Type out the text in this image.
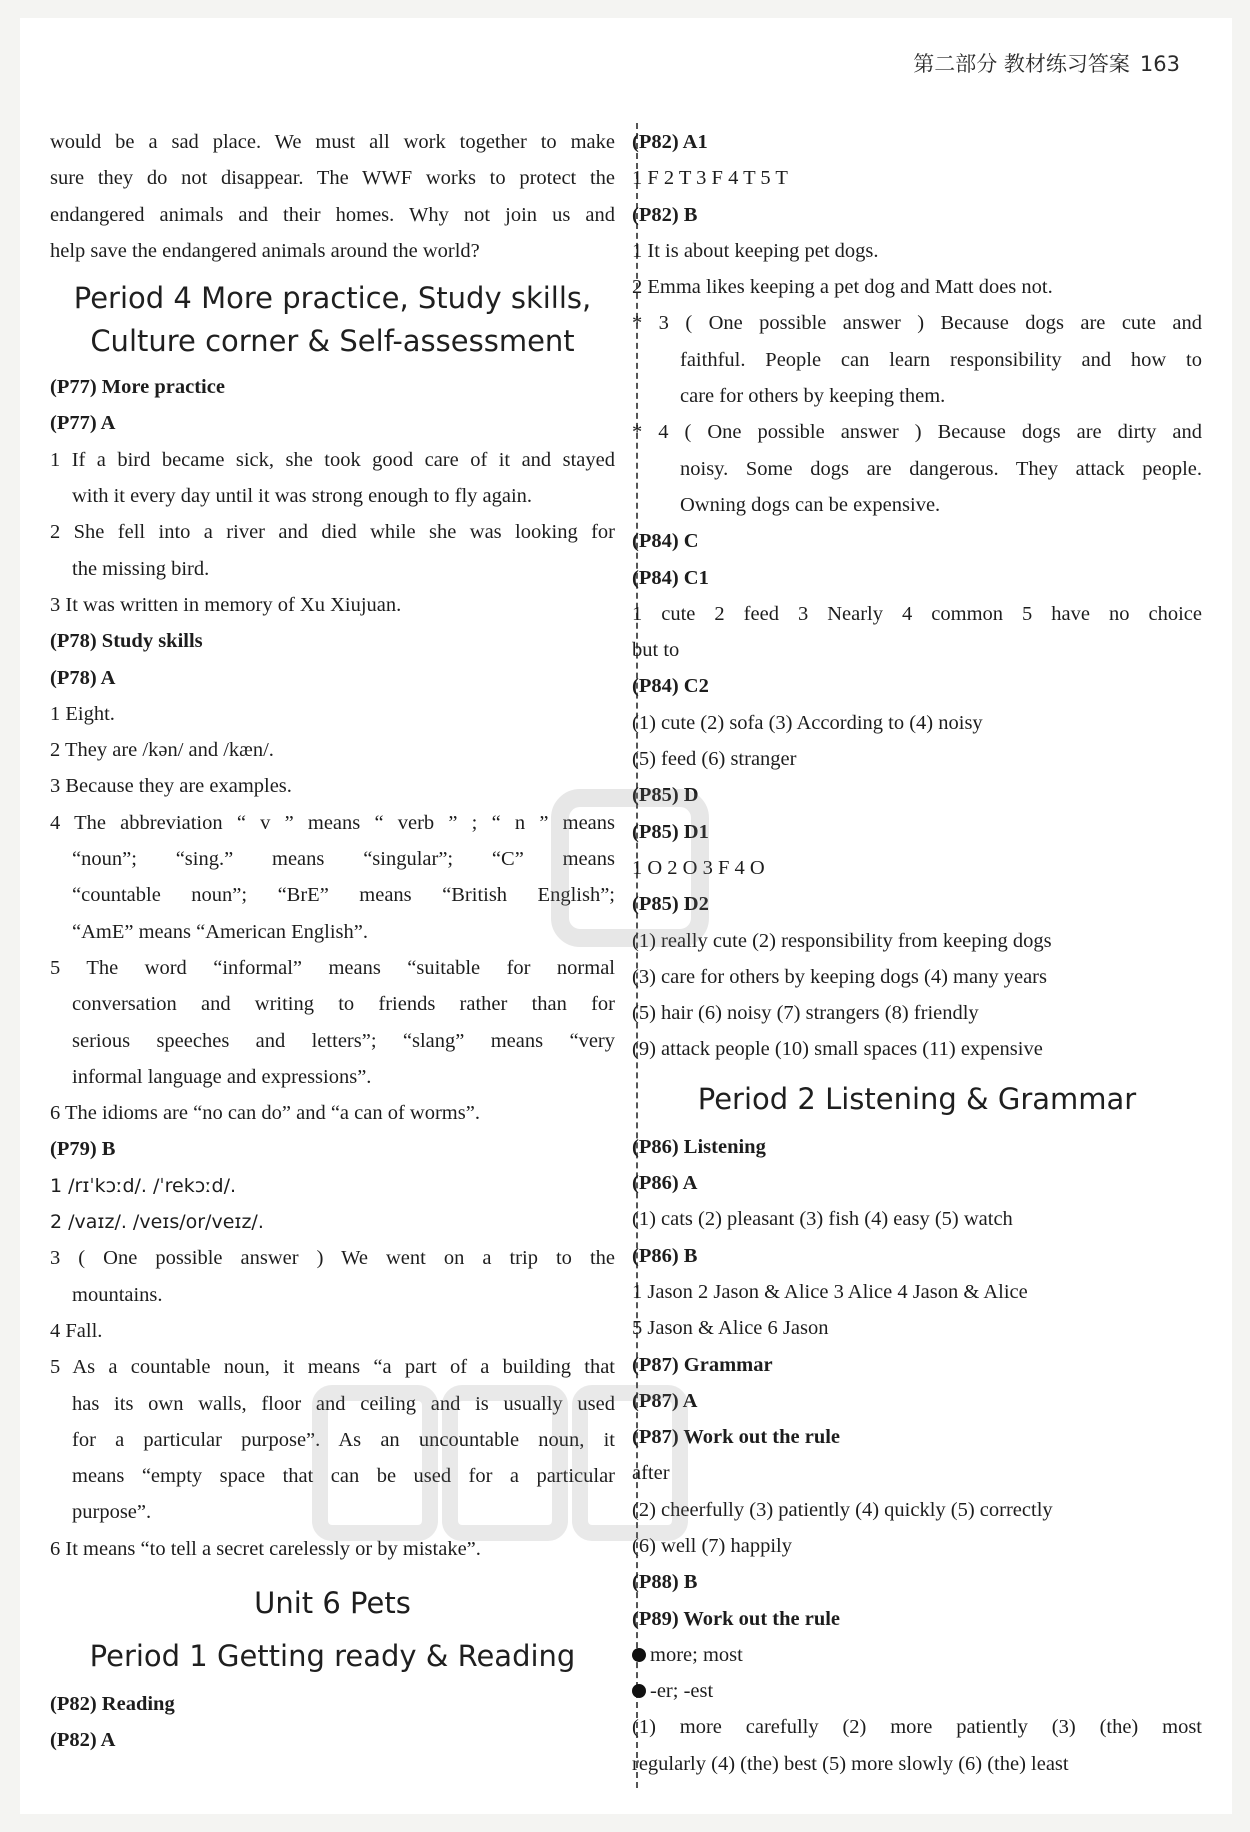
第二部分 教材练习答案 163

would be a sad place. We must all work together to make

sure they do not disappear. The WWF works to protect the

endangered animals and their homes. Why not join us and

help save the endangered animals around the world?

Period 4 More practice, Study skills,
Culture corner & Self-assessment

(P77) More practice

(P77) A

1 If a bird became sick, she took good care of it and stayed

with it every day until it was strong enough to fly again.

2 She fell into a river and died while she was looking for

the missing bird.

3 It was written in memory of Xu Xiujuan.

(P78) Study skills

(P78) A

1 Eight.

2 They are /kən/ and /kæn/.

3 Because they are examples.

4 The abbreviation “ v ” means “ verb ” ; “ n ” means

“noun”; “sing.” means “singular”; “C” means

“countable noun”; “BrE” means “British English”;

“AmE” means “American English”.

5 The word “informal” means “suitable for normal

conversation and writing to friends rather than for

serious speeches and letters”; “slang” means “very

informal language and expressions”.

6 The idioms are “no can do” and “a can of worms”.

(P79) B

1 /rɪˈkɔːd/. /ˈrekɔːd/.

2 /vaɪz/. /veɪs/or/veɪz/.

3 ( One possible answer ) We went on a trip to the

mountains.

4 Fall.

5 As a countable noun, it means “a part of a building that

has its own walls, floor and ceiling and is usually used

for a particular purpose”. As an uncountable noun, it

means “empty space that can be used for a particular

purpose”.

6 It means “to tell a secret carelessly or by mistake”.

Unit 6 Pets
Period 1 Getting ready & Reading

(P82) Reading

(P82) A

(P82) A1

1 F 2 T 3 F 4 T 5 T

(P82) B

1 It is about keeping pet dogs.

2 Emma likes keeping a pet dog and Matt does not.

* 3 ( One possible answer ) Because dogs are cute and

faithful. People can learn responsibility and how to

care for others by keeping them.

* 4 ( One possible answer ) Because dogs are dirty and

noisy. Some dogs are dangerous. They attack people.

Owning dogs can be expensive.

(P84) C

(P84) C1

1 cute 2 feed 3 Nearly 4 common 5 have no choice

but to

(P84) C2

(1) cute (2) sofa (3) According to (4) noisy

(5) feed (6) stranger

(P85) D

(P85) D1

1 O 2 O 3 F 4 O

(P85) D2

(1) really cute (2) responsibility from keeping dogs

(3) care for others by keeping dogs (4) many years

(5) hair (6) noisy (7) strangers (8) friendly

(9) attack people (10) small spaces (11) expensive

Period 2 Listening & Grammar

(P86) Listening

(P86) A

(1) cats (2) pleasant (3) fish (4) easy (5) watch

(P86) B

1 Jason 2 Jason & Alice 3 Alice 4 Jason & Alice

5 Jason & Alice 6 Jason

(P87) Grammar

(P87) A

(P87) Work out the rule

after

(2) cheerfully (3) patiently (4) quickly (5) correctly

(6) well (7) happily

(P88) B

(P89) Work out the rule

more; most

-er; -est

(1) more carefully (2) more patiently (3) (the) most

regularly (4) (the) best (5) more slowly (6) (the) least
